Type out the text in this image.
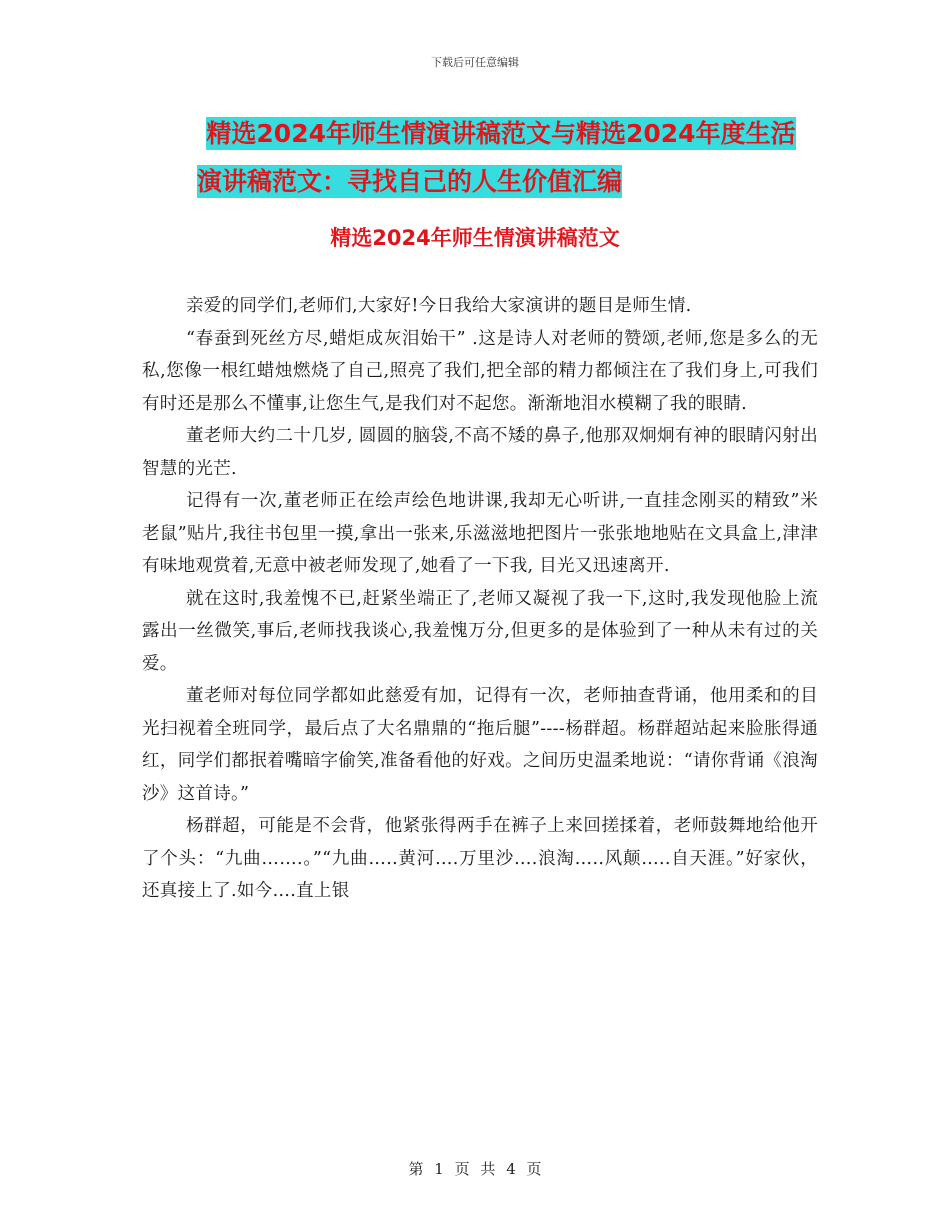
下载后可任意编辑
精选2024年师生情演讲稿范文与精选2024年度生活
演讲稿范文：寻找自己的人生价值汇编
精选2024年师生情演讲稿范文

亲爱的同学们,老师们,大家好!今日我给大家演讲的题目是师生情.

“春蚕到死丝方尽,蜡炬成灰泪始干” .这是诗人对老师的赞颂,老师,您是多么的无私,您像一根红蜡烛燃烧了自己,照亮了我们,把全部的精力都倾注在了我们身上,可我们有时还是那么不懂事,让您生气,是我们对不起您。渐渐地泪水模糊了我的眼睛.

董老师大约二十几岁, 圆圆的脑袋,不高不矮的鼻子,他那双炯炯有神的眼睛闪射出智慧的光芒.

记得有一次,董老师正在绘声绘色地讲课,我却无心听讲,一直挂念刚买的精致”米老鼠”贴片,我往书包里一摸,拿出一张来,乐滋滋地把图片一张张地地贴在文具盒上,津津有味地观赏着,无意中被老师发现了,她看了一下我, 目光又迅速离开.

就在这时,我羞愧不已,赶紧坐端正了,老师又凝视了我一下,这时,我发现他脸上流露出一丝微笑,事后,老师找我谈心,我羞愧万分,但更多的是体验到了一种从未有过的关爱。

董老师对每位同学都如此慈爱有加，记得有一次，老师抽查背诵，他用柔和的目光扫视着全班同学，最后点了大名鼎鼎的“拖后腿”----杨群超。杨群超站起来脸胀得通红，同学们都抿着嘴暗字偷笑,准备看他的好戏。之间历史温柔地说：“请你背诵《浪淘沙》这首诗。”

杨群超，可能是不会背，他紧张得两手在裤子上来回搓揉着，老师鼓舞地给他开了个头：“九曲…….。”“九曲…..黄河….万里沙….浪淘…..风颠…..自天涯。”好家伙，还真接上了.如今….直上银

第 1 页 共 4 页
